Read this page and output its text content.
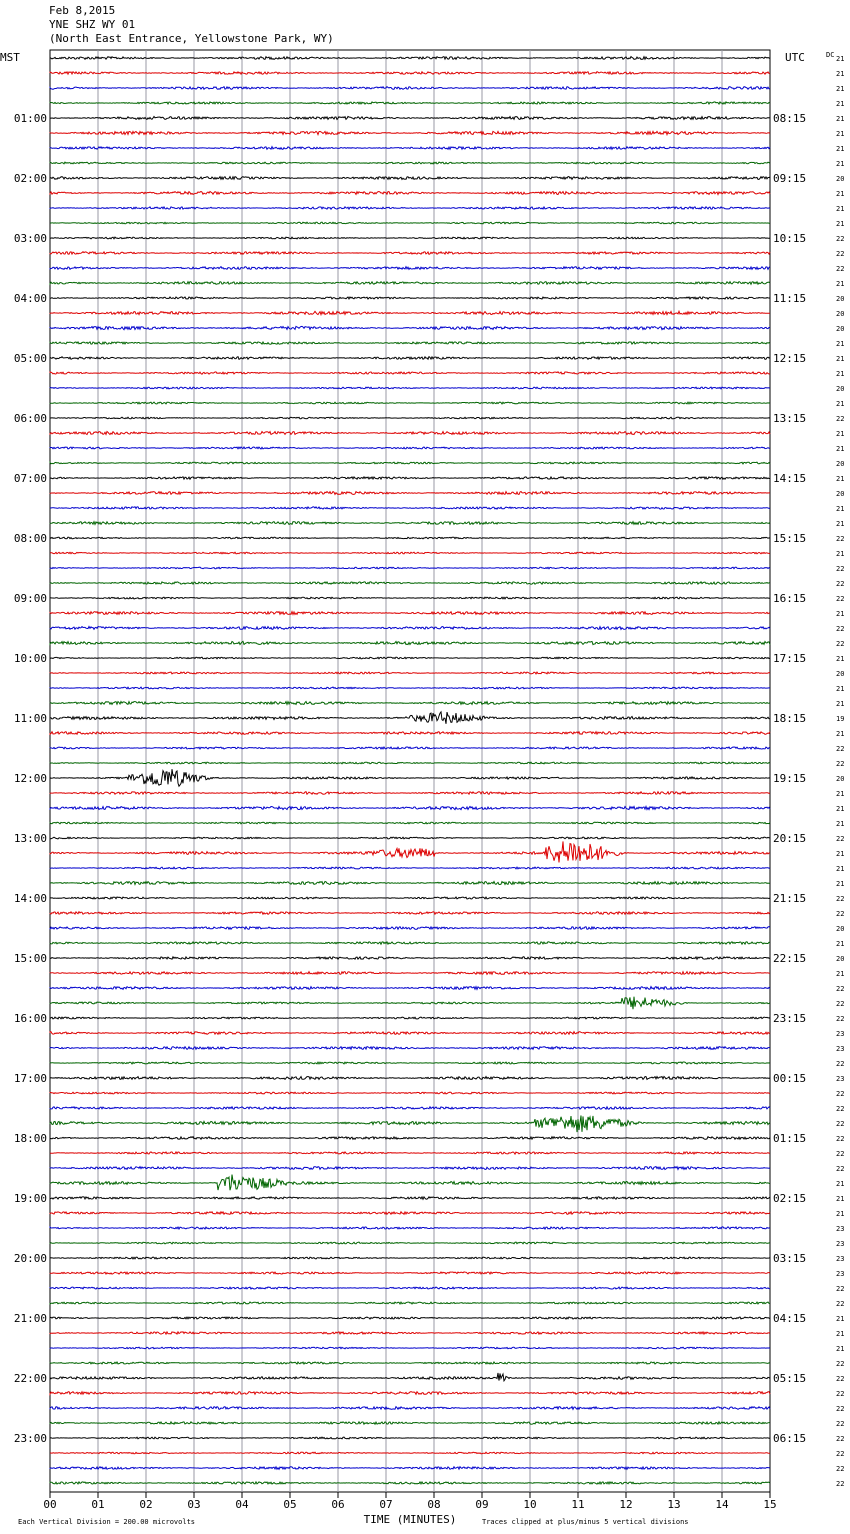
Feb 8,2015
YNE SHZ WY 01
(North East Entrance, Yellowstone Park, WY)
MST
01:00
02:00
03:00
04:00
05:00
06:00
07:00
08:00
09:00
10:00
11:00
12:00
13:00
14:00
15:00
16:00
17:00
18:00
19:00
20:00
21:00
22:00
23:00
UTC
08:15
09:15
10:15
11:15
12:15
13:15
14:15
15:15
16:15
17:15
18:15
19:15
20:15
21:15
22:15
23:15
00:15
01:15
02:15
03:15
04:15
05:15
06:15
DC 21
21
21
21
21
21
21
21
20
21
21
21
22
22
22
21
20
20
20
21
21
21
20
21
22
21
21
20
21
20
21
21
22
21
22
22
22
21
22
22
21
20
21
21
19
21
22
22
20
21
21
21
22
21
21
21
22
22
20
21
20
21
22
22
22
23
23
22
23
22
22
22
22
22
22
21
21
21
23
23
23
23
22
22
21
21
21
22
22
22
22
22
22
22
22
22
00	01	02	03	04	05	06	07	08	09	10	11	12	13	14	15
Each Vertical Division = 200.00 microvolts	TIME (MINUTES)	Traces clipped at plus/minus 5 vertical divisions
